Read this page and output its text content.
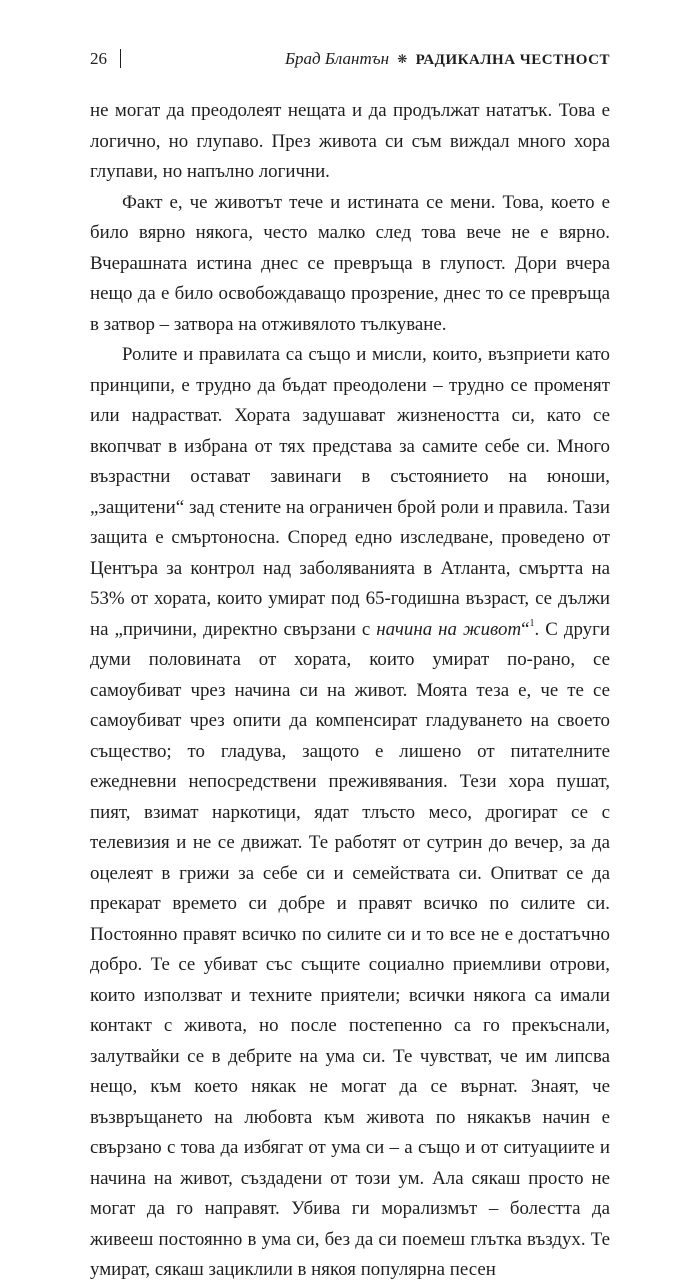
26	Брад Блантън ❋ РАДИКАЛНА ЧЕСТНОСТ

не могат да преодолеят нещата и да продължат нататък. Това е логично, но глупаво. През живота си съм виждал много хора глупави, но напълно логични.

Факт е, че животът тече и истината се мени. Това, което е било вярно някога, често малко след това вече не е вярно. Вчерашната истина днес се превръща в глупост. Дори вчера нещо да е било освобождаващо прозрение, днес то се превръща в затвор – затвора на отживялото тълкуване.

Ролите и правилата са също и мисли, които, възприети като принципи, е трудно да бъдат преодолени – трудно се променят или надрастват. Хората задушават жизнеността си, като се вкопчват в избрана от тях представа за самите себе си. Много възрастни остават завинаги в състоянието на юноши, „защитени“ зад стените на ограничен брой роли и правила. Тази защита е смъртоносна. Според едно изследване, проведено от Центъра за контрол над заболяванията в Атланта, смъртта на 53% от хората, които умират под 65-годишна възраст, се дължи на „причини, директно свързани с начина на живот“$^1$. С други думи половината от хората, които умират по-рано, се самоубиват чрез начина си на живот. Моята теза е, че те се самоубиват чрез опити да компенсират гладуването на своето същество; то гладува, защото е лишено от питателните ежедневни непосредствени преживявания. Тези хора пушат, пият, взимат наркотици, ядат тлъсто месо, дрогират се с телевизия и не се движат. Те работят от сутрин до вечер, за да оцелеят в грижи за себе си и семействата си. Опитват се да прекарат времето си добре и правят всичко по силите си. Постоянно правят всичко по силите си и то все не е достатъчно добро. Те се убиват със същите социално приемливи отрови, които използват и техните приятели; всички някога са имали контакт с живота, но после постепенно са го прекъснали, залутвайки се в дебрите на ума си. Те чувстват, че им липсва нещо, към което някак не могат да се върнат. Знаят, че възвръщането на любовта към живота по някакъв начин е свързано с това да избягат от ума си – а също и от ситуациите и начина на живот, създадени от този ум. Ала сякаш просто не могат да го направят. Убива ги морализмът – болестта да живееш постоянно в ума си, без да си поемеш глътка въздух. Те умират, сякаш зациклили в някоя популярна песен
